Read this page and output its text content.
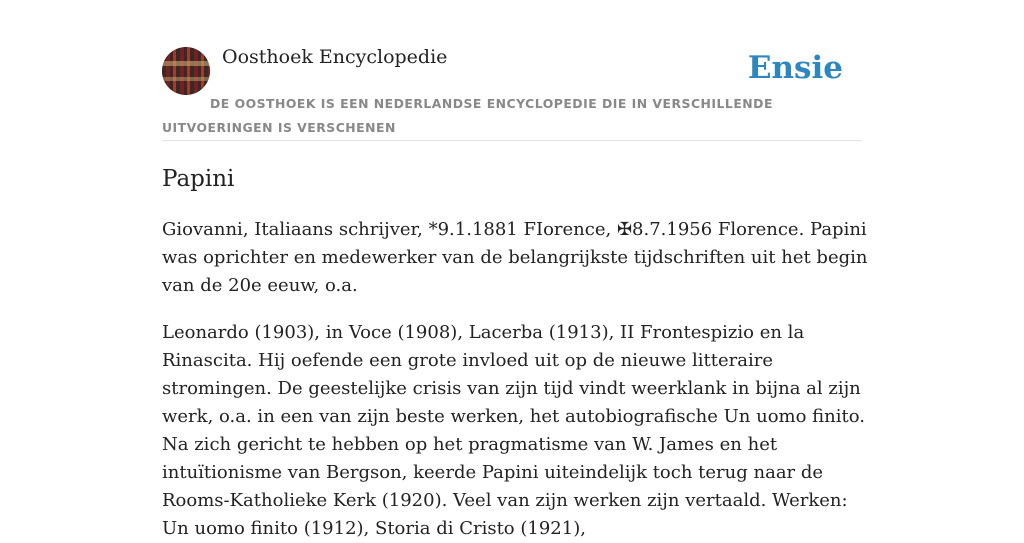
Oosthoek Encyclopedie	Ensie
DE OOSTHOEK IS EEN NEDERLANDSE ENCYCLOPEDIE DIE IN VERSCHILLENDE UITVOERINGEN IS VERSCHENEN
Papini

Giovanni, Italiaans schrijver, *9.1.1881 FIorence, ✠8.7.1956 Florence. Papini was oprichter en medewerker van de belangrijkste tijdschriften uit het begin van de 20e eeuw, o.a.

Leonardo (1903), in Voce (1908), Lacerba (1913), II Frontespizio en la Rinascita. Hij oefende een grote invloed uit op de nieuwe litteraire stromingen. De geestelijke crisis van zijn tijd vindt weerklank in bijna al zijn werk, o.a. in een van zijn beste werken, het autobiografische Un uomo finito. Na zich gericht te hebben op het pragmatisme van W. James en het intuïtionisme van Bergson, keerde Papini uiteindelijk toch terug naar de Rooms-Katholieke Kerk (1920). Veel van zijn werken zijn vertaald. Werken: Un uomo finito (1912), Storia di Cristo (1921),
